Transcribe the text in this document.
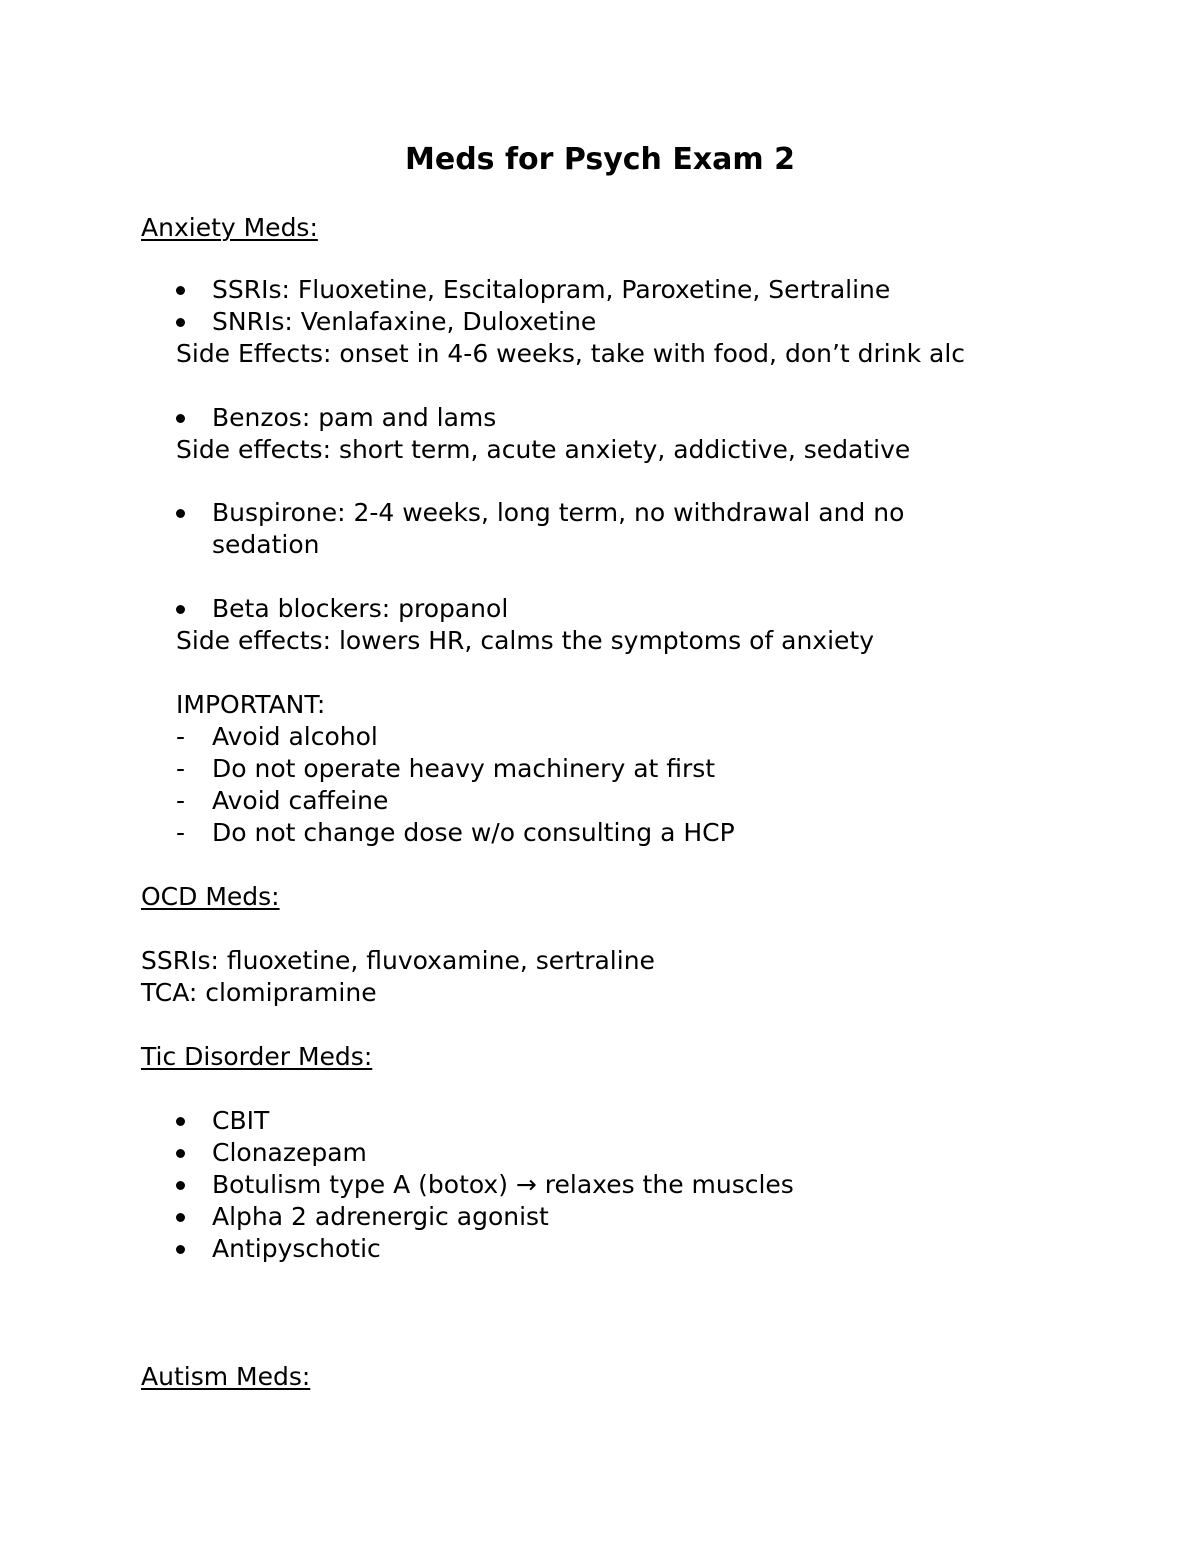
Meds for Psych Exam 2
Anxiety Meds:
SSRIs: Fluoxetine, Escitalopram, Paroxetine, Sertraline
SNRIs: Venlafaxine, Duloxetine
Side Effects: onset in 4-6 weeks, take with food, don’t drink alc
Benzos: pam and lams
Side effects: short term, acute anxiety, addictive, sedative
Buspirone: 2-4 weeks, long term, no withdrawal and no
sedation
Beta blockers: propanol
Side effects: lowers HR, calms the symptoms of anxiety
IMPORTANT:
- Avoid alcohol
- Do not operate heavy machinery at first
- Avoid caffeine
- Do not change dose w/o consulting a HCP
OCD Meds:
SSRIs: fluoxetine, fluvoxamine, sertraline
TCA: clomipramine
Tic Disorder Meds:
CBIT
Clonazepam
Botulism type A (botox) → relaxes the muscles
Alpha 2 adrenergic agonist
Antipyschotic
Autism Meds:
